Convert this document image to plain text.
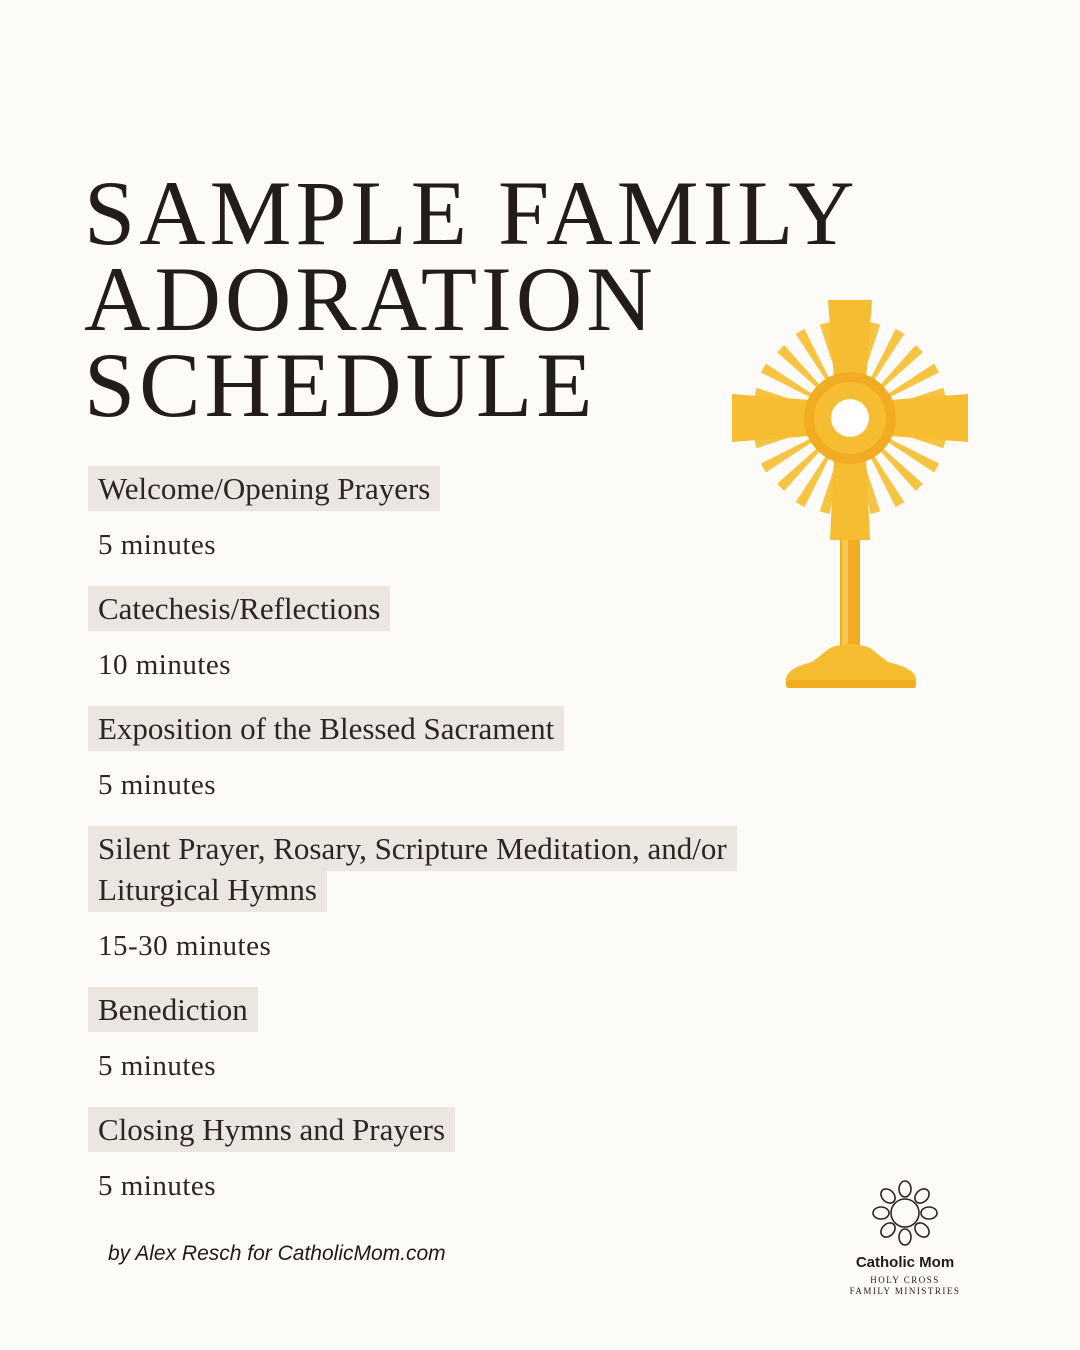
SAMPLE FAMILY
ADORATION
SCHEDULE
Welcome/Opening Prayers
5 minutes
Catechesis/Reflections
10 minutes
Exposition of the Blessed Sacrament
5 minutes
Silent Prayer, Rosary, Scripture Meditation, and/or Liturgical Hymns
15-30 minutes
Benediction
5 minutes
Closing Hymns and Prayers
5 minutes
by Alex Resch for CatholicMom.com	Catholic Mom
HOLY CROSS
FAMILY MINISTRIES
